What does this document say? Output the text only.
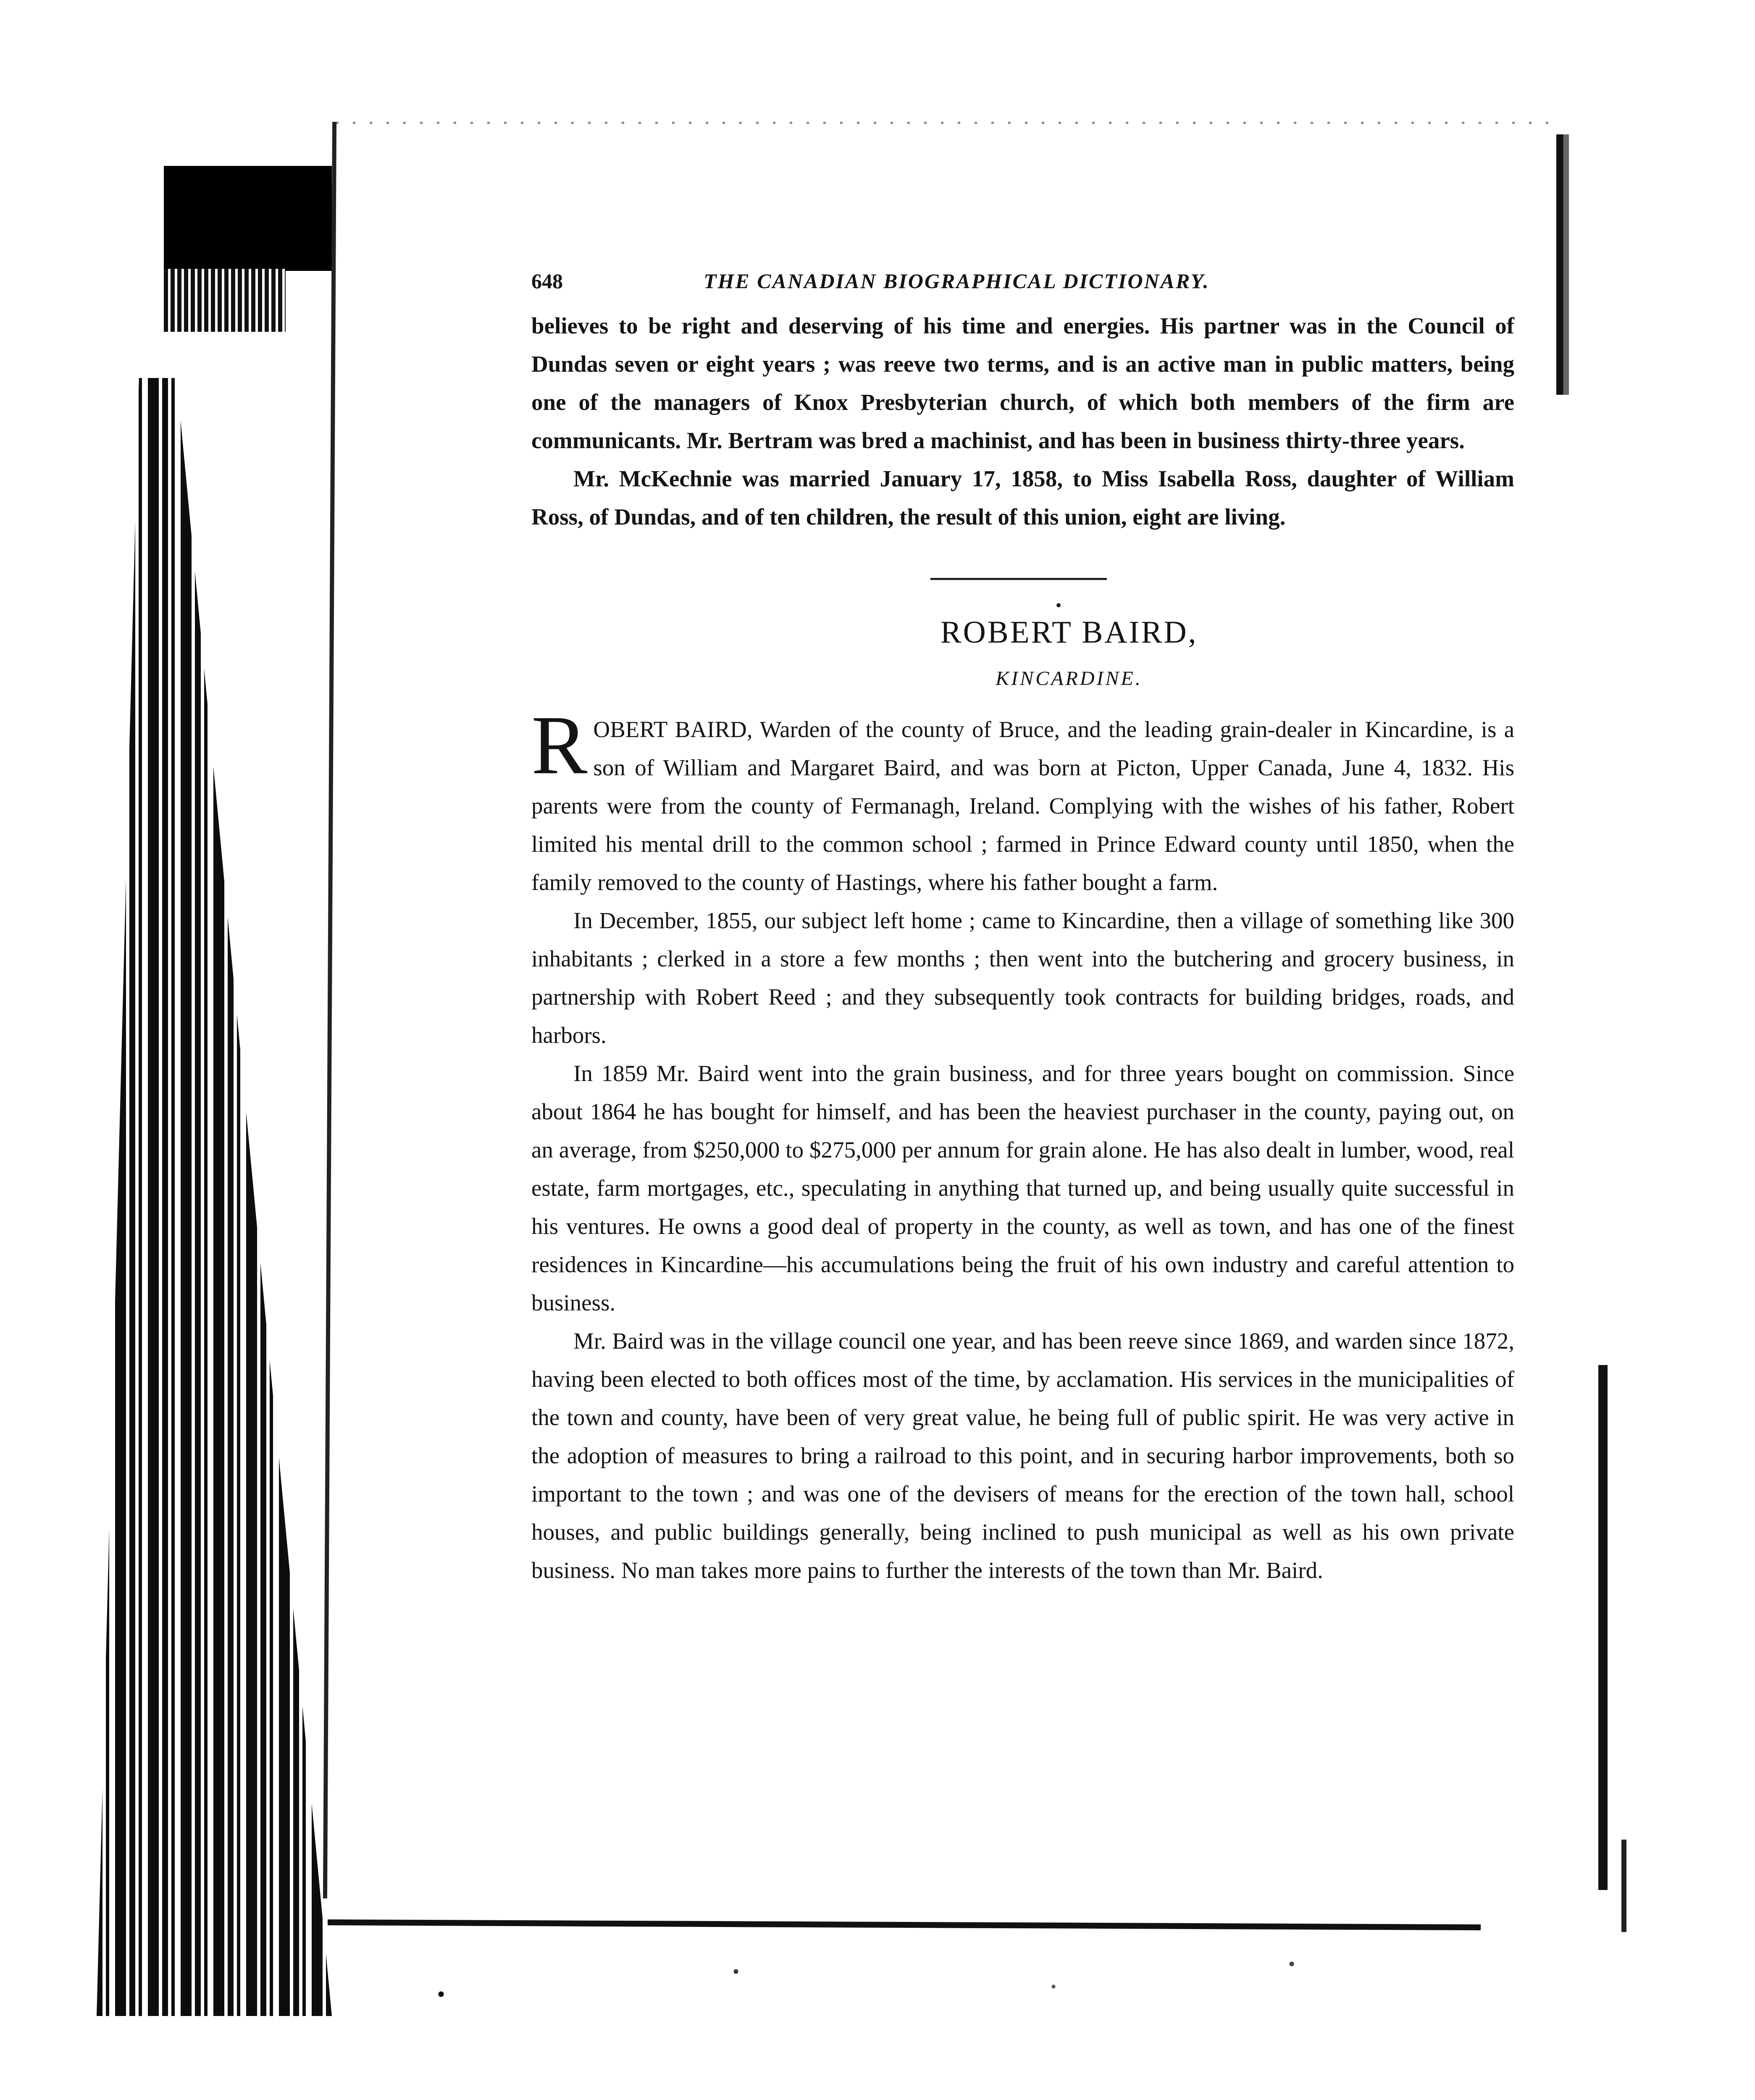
648	THE CANADIAN BIOGRAPHICAL DICTIONARY.

believes to be right and deserving of his time and energies. His partner was in the Council of Dundas seven or eight years ; was reeve two terms, and is an active man in public matters, being one of the managers of Knox Presbyterian church, of which both members of the firm are communicants. Mr. Bertram was bred a machinist, and has been in business thirty-three years.

Mr. McKechnie was married January 17, 1858, to Miss Isabella Ross, daughter of William Ross, of Dundas, and of ten children, the result of this union, eight are living.

ROBERT BAIRD,
KINCARDINE.

R OBERT BAIRD, Warden of the county of Bruce, and the leading grain-dealer in Kincardine, is a son of William and Margaret Baird, and was born at Picton, Upper Canada, June 4, 1832. His parents were from the county of Fermanagh, Ireland. Complying with the wishes of his father, Robert limited his mental drill to the common school ; farmed in Prince Edward county until 1850, when the family removed to the county of Hastings, where his father bought a farm.

In December, 1855, our subject left home ; came to Kincardine, then a village of something like 300 inhabitants ; clerked in a store a few months ; then went into the butchering and grocery business, in partnership with Robert Reed ; and they subsequently took contracts for building bridges, roads, and harbors.

In 1859 Mr. Baird went into the grain business, and for three years bought on commission. Since about 1864 he has bought for himself, and has been the heaviest purchaser in the county, paying out, on an average, from $250,000 to $275,000 per annum for grain alone. He has also dealt in lumber, wood, real estate, farm mortgages, etc., speculating in anything that turned up, and being usually quite successful in his ventures. He owns a good deal of property in the county, as well as town, and has one of the finest residences in Kincardine—his accumulations being the fruit of his own industry and careful attention to business.

Mr. Baird was in the village council one year, and has been reeve since 1869, and warden since 1872, having been elected to both offices most of the time, by acclamation. His services in the municipalities of the town and county, have been of very great value, he being full of public spirit. He was very active in the adoption of measures to bring a railroad to this point, and in securing harbor improvements, both so important to the town ; and was one of the devisers of means for the erection of the town hall, school houses, and public buildings generally, being inclined to push municipal as well as his own private business. No man takes more pains to further the interests of the town than Mr. Baird.
